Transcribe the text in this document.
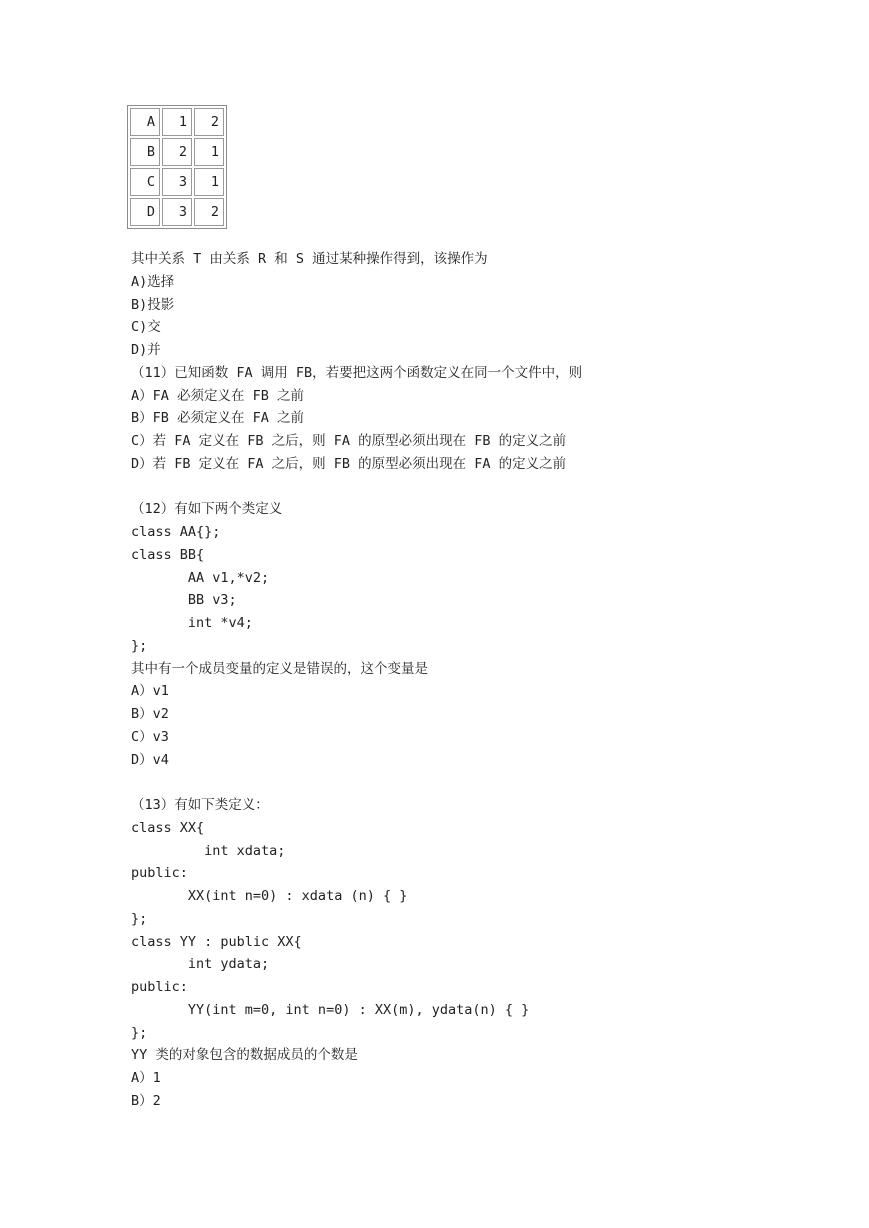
A	1	2
B	2	1
C	3	1
D	3	2
其中关系 T 由关系 R 和 S 通过某种操作得到，该操作为
A)选择
B)投影
C)交
D)并
（11）已知函数 FA 调用 FB，若要把这两个函数定义在同一个文件中，则
A）FA 必须定义在 FB 之前
B）FB 必须定义在 FA 之前
C）若 FA 定义在 FB 之后，则 FA 的原型必须出现在 FB 的定义之前
D）若 FB 定义在 FA 之后，则 FB 的原型必须出现在 FA 的定义之前
（12）有如下两个类定义
class AA{};
class BB{
AA v1,*v2;
BB v3;
int *v4;
};
其中有一个成员变量的定义是错误的，这个变量是
A）v1
B）v2
C）v3
D）v4
（13）有如下类定义：
class XX{
int xdata;
public:
XX(int n=0) : xdata (n) { }
};
class YY : public XX{
int ydata;
public:
YY(int m=0, int n=0) : XX(m), ydata(n) { }
};
YY 类的对象包含的数据成员的个数是
A）1
B）2
